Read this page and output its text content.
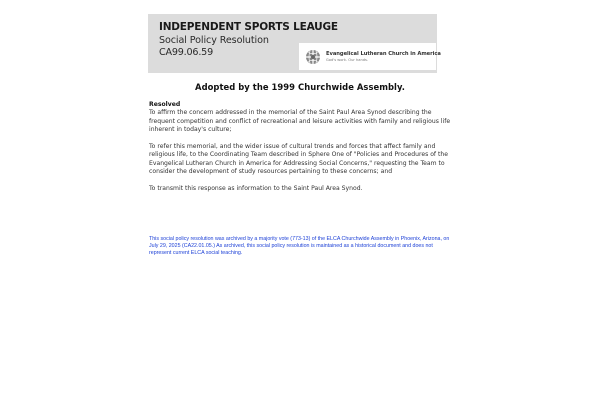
INDEPENDENT SPORTS LEAUGE
Social Policy Resolution
CA99.06.59	Evangelical Lutheran Church in America
God's work. Our hands.
Adopted by the 1999 Churchwide Assembly.
Resolved

To affirm the concern addressed in the memorial of the Saint Paul Area Synod describing the frequent competition and conflict of recreational and leisure activities with family and religious life inherent in today's culture;

To refer this memorial, and the wider issue of cultural trends and forces that affect family and religious life, to the Coordinating Team described in Sphere One of "Policies and Procedures of the Evangelical Lutheran Church in America for Addressing Social Concerns," requesting the Team to consider the development of study resources pertaining to these concerns; and

To transmit this response as information to the Saint Paul Area Synod.

This social policy resolution was archived by a majority vote (773-13) of the ELCA Churchwide Assembly in Phoenix, Arizona, on July 29, 2025 (CA22.01.05.) As archived, this social policy resolution is maintained as a historical document and does not represent current ELCA social teaching.
